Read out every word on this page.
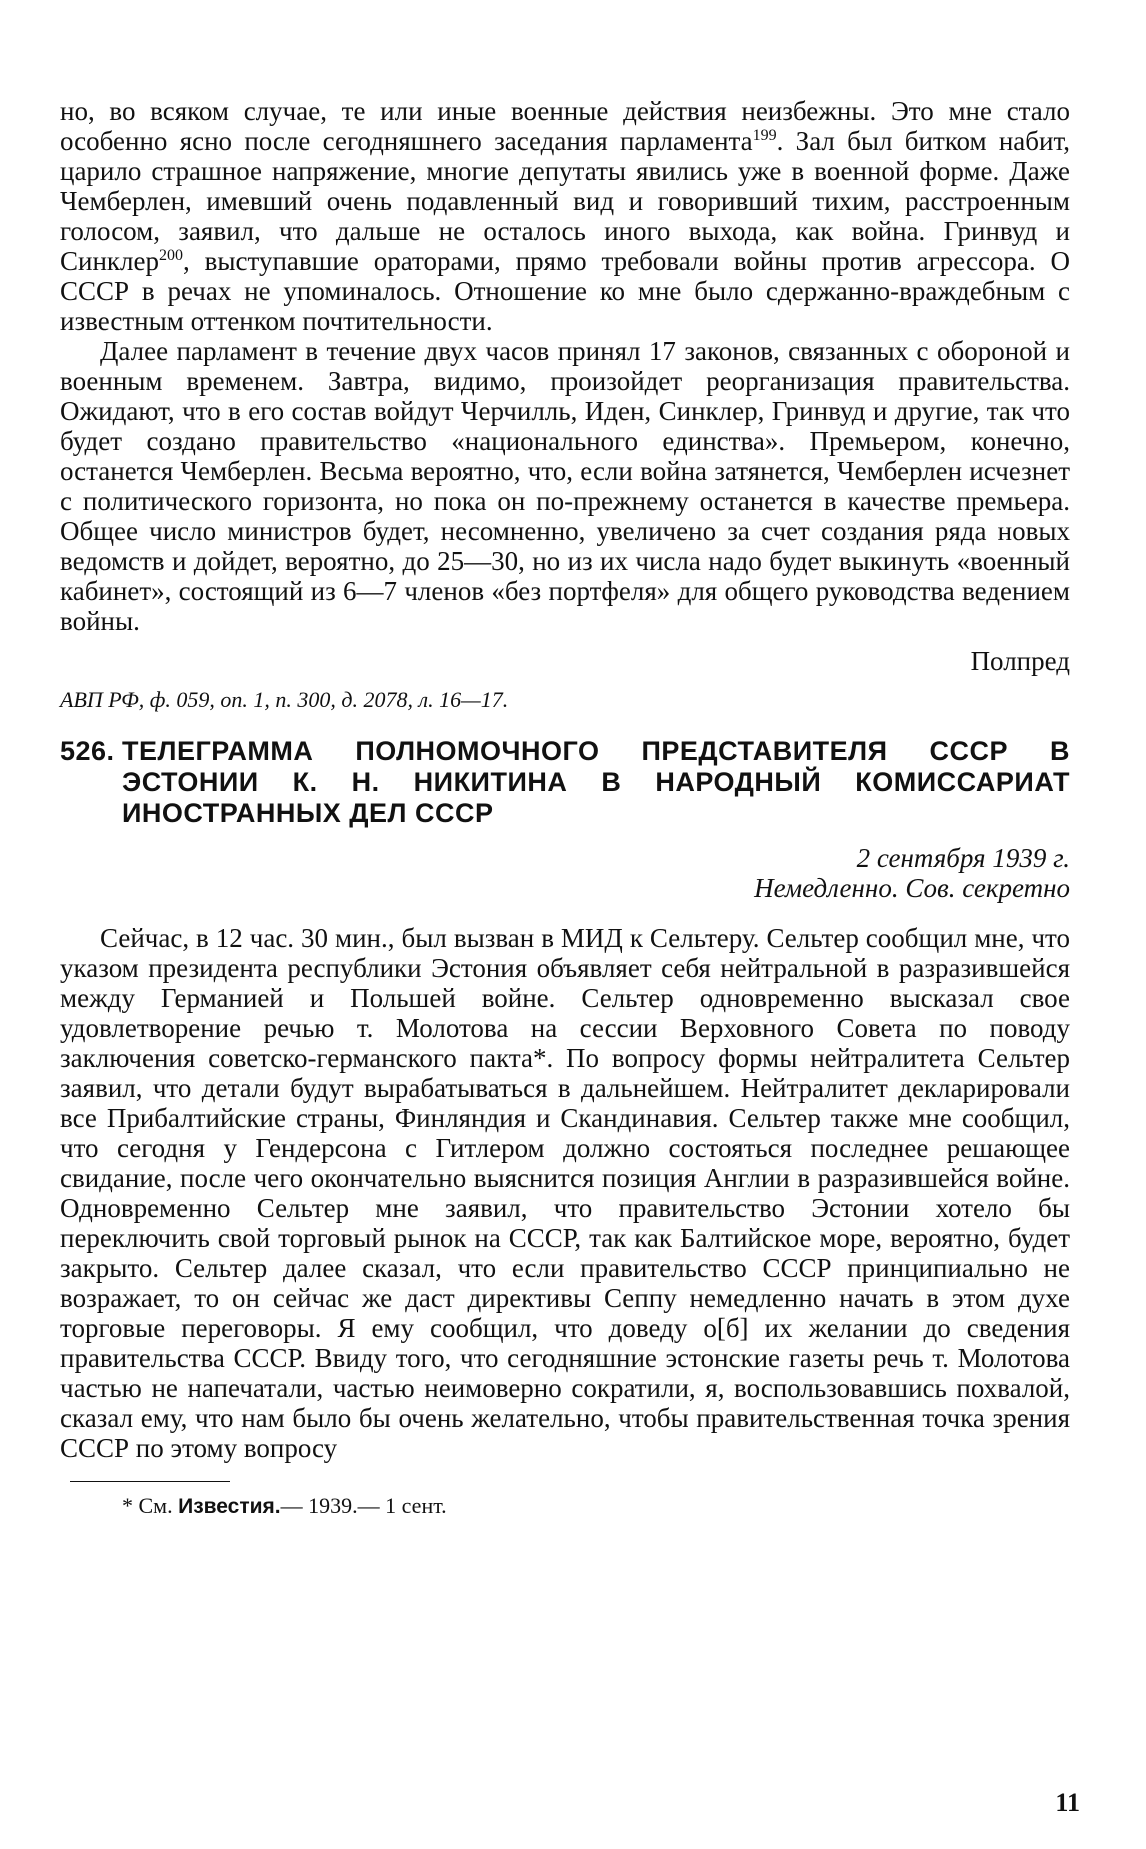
но, во всяком случае, те или иные военные действия неизбежны. Это мне стало особенно ясно после сегодняшнего заседания парламента$^{199}$. Зал был битком набит, царило страшное напряжение, многие депутаты явились уже в военной форме. Даже Чемберлен, имевший очень подавленный вид и говоривший тихим, расстроенным голосом, заявил, что дальше не осталось иного выхода, как война. Гринвуд и Синклер$^{200}$, выступавшие ораторами, прямо требовали войны против агрессора. О СССР в речах не упоминалось. Отношение ко мне было сдержанно-враждебным с известным оттенком почтительности.

Далее парламент в течение двух часов принял 17 законов, связанных с обороной и военным временем. Завтра, видимо, произойдет реорганизация правительства. Ожидают, что в его состав войдут Черчилль, Иден, Синклер, Гринвуд и другие, так что будет создано правительство «национального единства». Премьером, конечно, останется Чемберлен. Весьма вероятно, что, если война затянется, Чемберлен исчезнет с политического горизонта, но пока он по-прежнему останется в качестве премьера. Общее число министров будет, несомненно, увеличено за счет создания ряда новых ведомств и дойдет, вероятно, до 25—30, но из их числа надо будет выкинуть «военный кабинет», состоящий из 6—7 членов «без портфеля» для общего руководства ведением войны.

Полпред
АВП РФ, ф. 059, оп. 1, п. 300, д. 2078, л. 16—17.
526. ТЕЛЕГРАММА ПОЛНОМОЧНОГО ПРЕДСТАВИТЕЛЯ СССР В ЭСТОНИИ К. Н. НИКИТИНА В НАРОДНЫЙ КОМИССАРИАТ ИНОСТРАННЫХ ДЕЛ СССР
2 сентября 1939 г.
Немедленно. Сов. секретно

Сейчас, в 12 час. 30 мин., был вызван в МИД к Сельтеру. Сельтер сообщил мне, что указом президента республики Эстония объявляет себя нейтральной в разразившейся между Германией и Польшей войне. Сельтер одновременно высказал свое удовлетворение речью т. Молотова на сессии Верховного Совета по поводу заключения советско-германского пакта*. По вопросу формы нейтралитета Сельтер заявил, что детали будут вырабатываться в дальнейшем. Нейтралитет декларировали все Прибалтийские страны, Финляндия и Скандинавия. Сельтер также мне сообщил, что сегодня у Гендерсона с Гитлером должно состояться последнее решающее свидание, после чего окончательно выяснится позиция Англии в разразившейся войне. Одновременно Сельтер мне заявил, что правительство Эстонии хотело бы переключить свой торговый рынок на СССР, так как Балтийское море, вероятно, будет закрыто. Сельтер далее сказал, что если правительство СССР принципиально не возражает, то он сейчас же даст директивы Сеппу немедленно начать в этом духе торговые переговоры. Я ему сообщил, что доведу о[б] их желании до сведения правительства СССР. Ввиду того, что сегодняшние эстонские газеты речь т. Молотова частью не напечатали, частью неимоверно сократили, я, воспользовавшись похвалой, сказал ему, что нам было бы очень желательно, чтобы правительственная точка зрения СССР по этому вопросу

* См. Известия.— 1939.— 1 сент.
11
